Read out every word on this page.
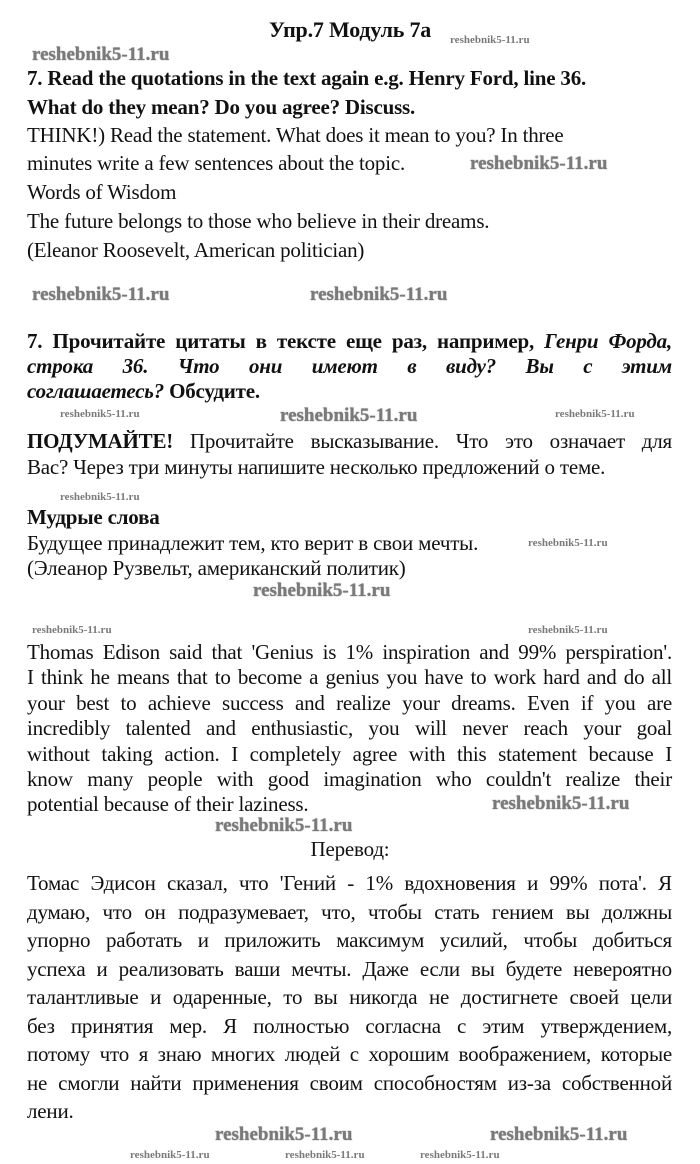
Упр.7 Модуль 7а
7. Read the quotations in the text again e.g. Henry Ford, line 36.
What do they mean? Do you agree? Discuss.
THINK!) Read the statement. What does it mean to you? In three
minutes write a few sentences about the topic.
Words of Wisdom
The future belongs to those who believe in their dreams.
(Eleanor Roosevelt, American politician)
7. Прочитайте цитаты в тексте еще раз, например, Генри Форда,
строка 36. Что они имеют в виду? Вы с этим
соглашаетесь? Обсудите.
ПОДУМАЙТЕ! Прочитайте высказывание. Что это означает для
Вас? Через три минуты напишите несколько предложений о теме.
Мудрые слова
Будущее принадлежит тем, кто верит в свои мечты.
(Элеанор Рузвельт, американский политик)
Thomas Edison said that 'Genius is 1% inspiration and 99% perspiration'.
I think he means that to become a genius you have to work hard and do all
your best to achieve success and realize your dreams. Even if you are
incredibly talented and enthusiastic, you will never reach your goal
without taking action. I completely agree with this statement because I
know many people with good imagination who couldn't realize their
potential because of their laziness.
Перевод:
Томас Эдисон сказал, что 'Гений - 1% вдохновения и 99% пота'. Я
думаю, что он подразумевает, что, чтобы стать гением вы должны
упорно работать и приложить максимум усилий, чтобы добиться
успеха и реализовать ваши мечты. Даже если вы будете невероятно
талантливые и одаренные, то вы никогда не достигнете своей цели
без принятия мер. Я полностью согласна с этим утверждением,
потому что я знаю многих людей с хорошим воображением, которые
не смогли найти применения своим способностям из-за собственной
лени.
reshebnik5-11.ru
reshebnik5-11.ru
reshebnik5-11.ru
reshebnik5-11.ru	reshebnik5-11.ru
reshebnik5-11.ru	reshebnik5-11.ru	reshebnik5-11.ru
reshebnik5-11.ru
reshebnik5-11.ru
reshebnik5-11.ru
reshebnik5-11.ru	reshebnik5-11.ru
reshebnik5-11.ru
reshebnik5-11.ru
reshebnik5-11.ru	reshebnik5-11.ru	reshebnik5-11.ru
reshebnik5-11.ru	reshebnik5-11.ru
